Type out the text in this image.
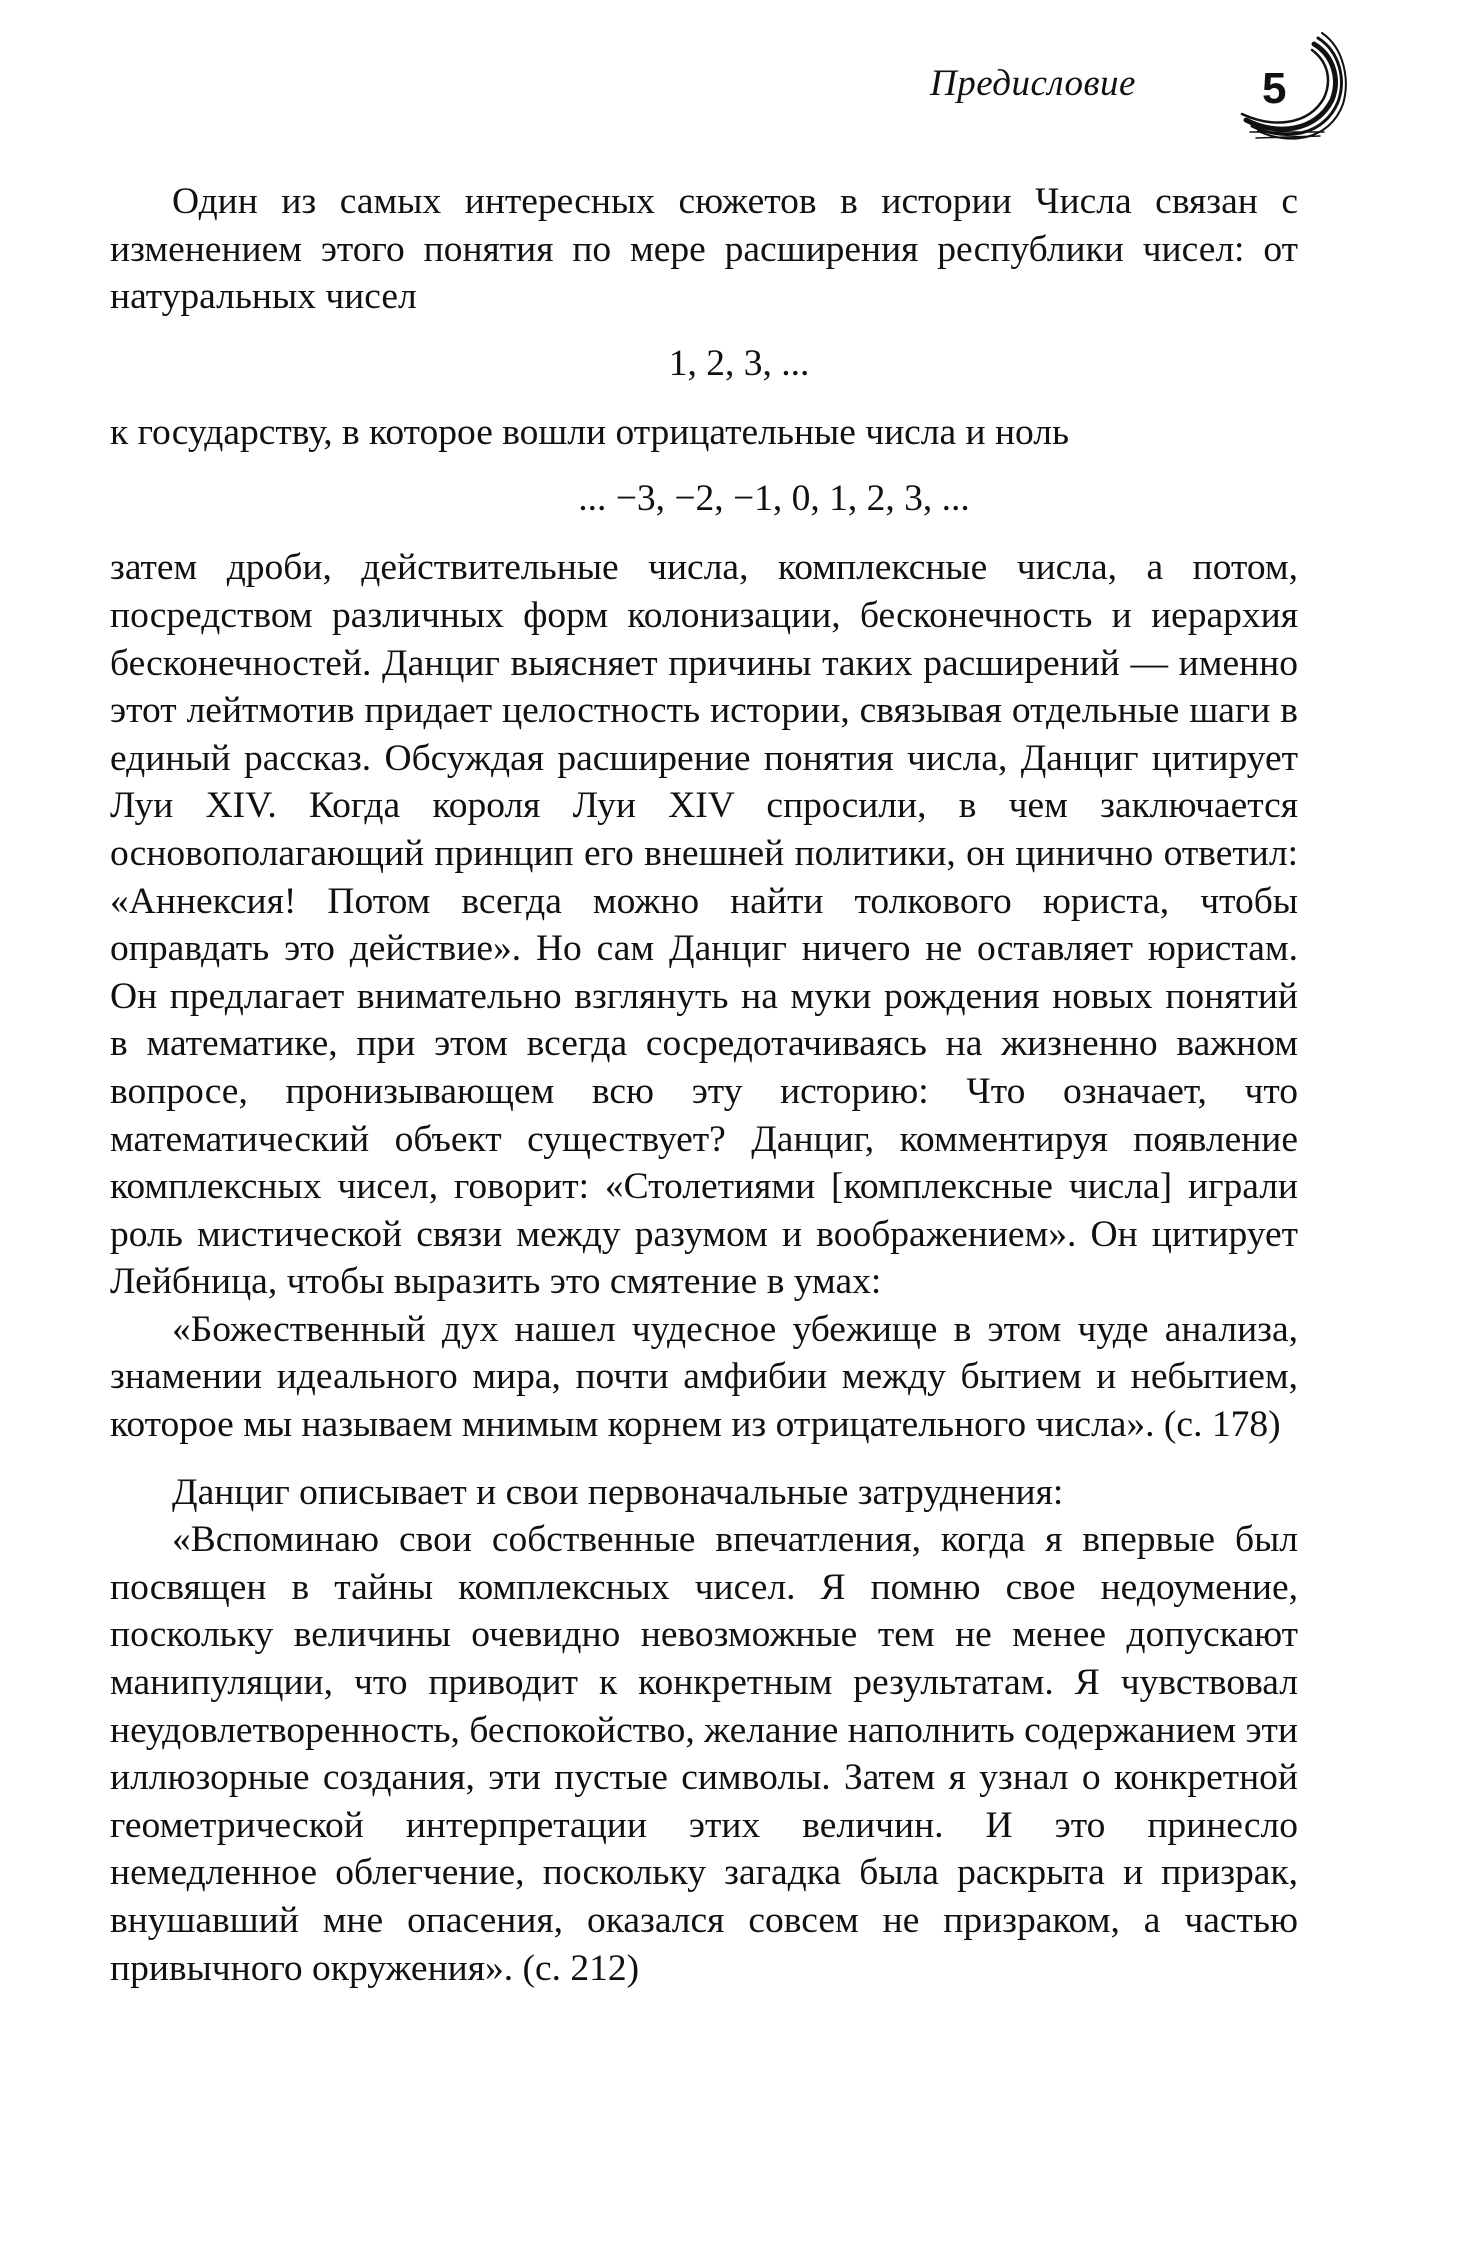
Предисловие	5

Один из самых интересных сюжетов в истории Числа связан с изменением этого понятия по мере расширения республики чисел: от натуральных чисел

1, 2, 3, ...

к государству, в которое вошли отрицательные числа и ноль

... −3, −2, −1, 0, 1, 2, 3, ...

затем дроби, действительные числа, комплексные числа, а потом, посредством различных форм колонизации, бесконечность и иерархия бесконечностей. Данциг выясняет причины таких расширений — именно этот лейтмотив придает целостность истории, связывая отдельные шаги в единый рассказ. Обсуждая расширение понятия числа, Данциг цитирует Луи XIV. Когда короля Луи XIV спросили, в чем заключается основополагающий принцип его внешней политики, он цинично ответил: «Аннексия! Потом всегда можно найти толкового юриста, чтобы оправдать это действие». Но сам Данциг ничего не оставляет юристам. Он предлагает внимательно взглянуть на муки рождения новых понятий в математике, при этом всегда сосредотачиваясь на жизненно важном вопросе, пронизывающем всю эту историю: Что означает, что математический объект существует? Данциг, комментируя появление комплексных чисел, говорит: «Столетиями [комплексные числа] играли роль мистической связи между разумом и воображением». Он цитирует Лейбница, чтобы выразить это смятение в умах:

«Божественный дух нашел чудесное убежище в этом чуде анализа, знамении идеального мира, почти амфибии между бытием и небытием, которое мы называем мнимым корнем из отрицательного числа». (с. 178)

Данциг описывает и свои первоначальные затруднения:

«Вспоминаю свои собственные впечатления, когда я впервые был посвящен в тайны комплексных чисел. Я помню свое недоумение, поскольку величины очевидно невозможные тем не менее допускают манипуляции, что приводит к конкретным результатам. Я чувствовал неудовлетворенность, беспокойство, желание наполнить содержанием эти иллюзорные создания, эти пустые символы. Затем я узнал о конкретной геометрической интерпретации этих величин. И это принесло немедленное облегчение, поскольку загадка была раскрыта и призрак, внушавший мне опасения, оказался совсем не призраком, а частью привычного окружения». (с. 212)
